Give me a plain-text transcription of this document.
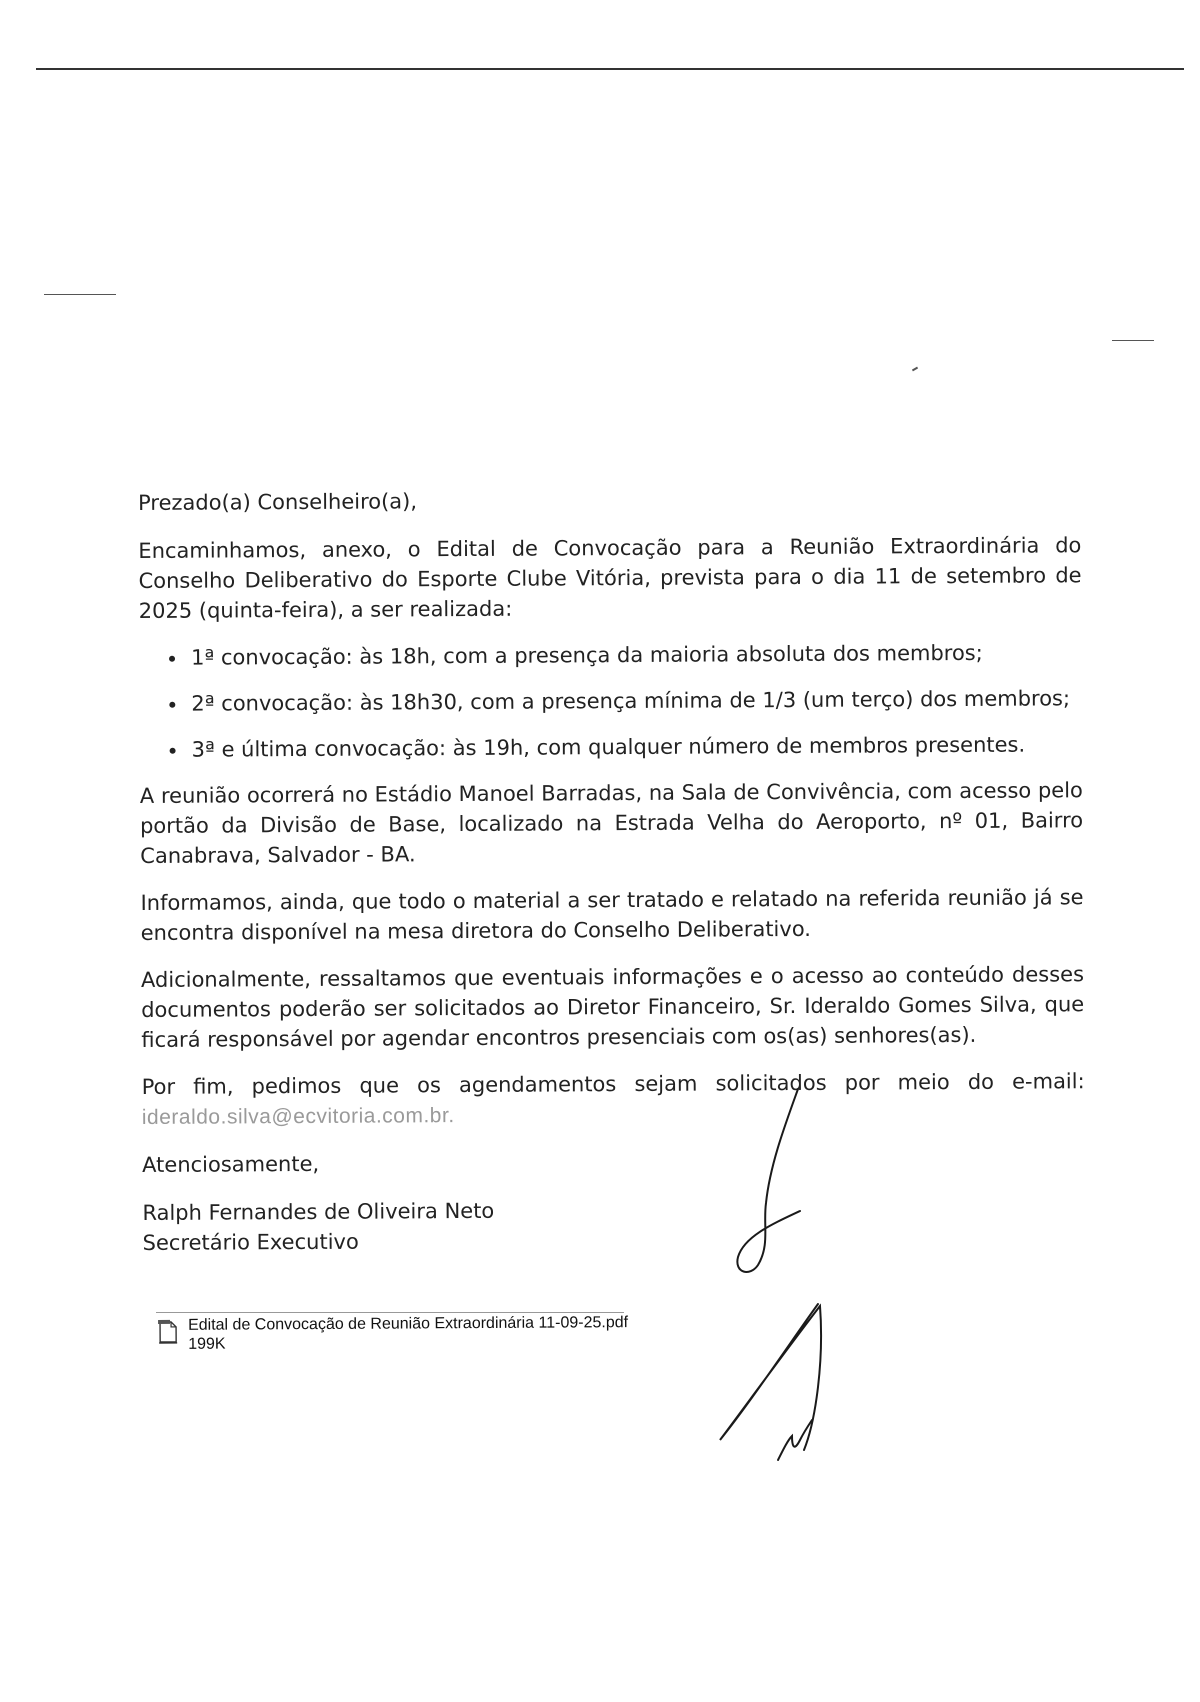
Prezado(a) Conselheiro(a),

Encaminhamos, anexo, o Edital de Convocação para a Reunião Extraordinária do Conselho Deliberativo do Esporte Clube Vitória, prevista para o dia 11 de setembro de 2025 (quinta-feira), a ser realizada:

1ª convocação: às 18h, com a presença da maioria absoluta dos membros;
2ª convocação: às 18h30, com a presença mínima de 1/3 (um terço) dos membros;
3ª e última convocação: às 19h, com qualquer número de membros presentes.

A reunião ocorrerá no Estádio Manoel Barradas, na Sala de Convivência, com acesso pelo portão da Divisão de Base, localizado na Estrada Velha do Aeroporto, nº 01, Bairro Canabrava, Salvador - BA.

Informamos, ainda, que todo o material a ser tratado e relatado na referida reunião já se encontra disponível na mesa diretora do Conselho Deliberativo.

Adicionalmente, ressaltamos que eventuais informações e o acesso ao conteúdo desses documentos poderão ser solicitados ao Diretor Financeiro, Sr. Ideraldo Gomes Silva, que ficará responsável por agendar encontros presenciais com os(as) senhores(as).

Por fim, pedimos que os agendamentos sejam solicitados por meio do e-mail: ideraldo.silva@ecvitoria.com.br.

Atenciosamente,

Ralph Fernandes de Oliveira Neto

Secretário Executivo

Edital de Convocação de Reunião Extraordinária 11-09-25.pdf
199K
